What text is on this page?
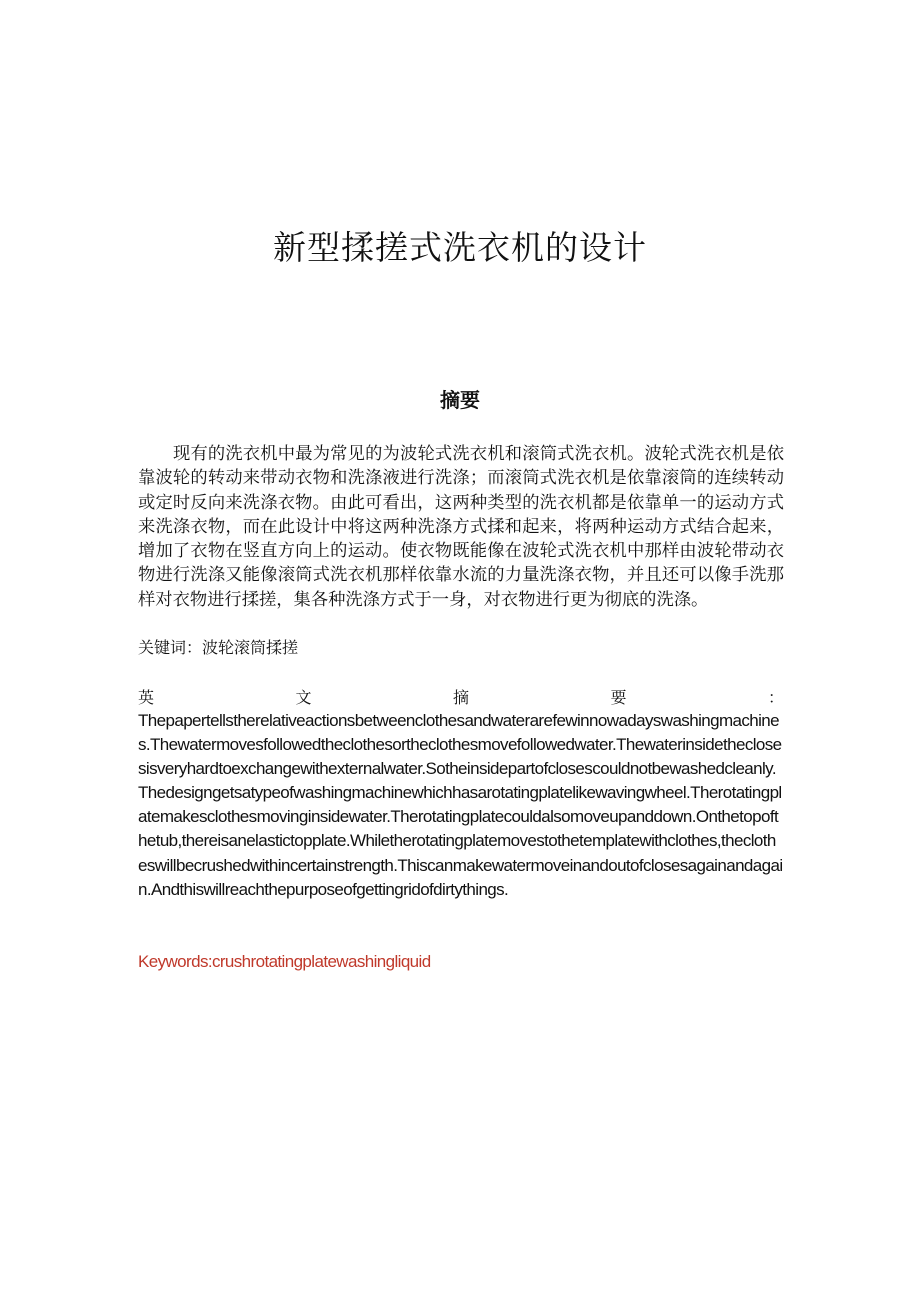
新型揉搓式洗衣机的设计
摘要

现有的洗衣机中最为常见的为波轮式洗衣机和滚筒式洗衣机。波轮式洗衣机是依靠波轮的转动来带动衣物和洗涤液进行洗涤；而滚筒式洗衣机是依靠滚筒的连续转动或定时反向来洗涤衣物。由此可看出，这两种类型的洗衣机都是依靠单一的运动方式来洗涤衣物，而在此设计中将这两种洗涤方式揉和起来，将两种运动方式结合起来，增加了衣物在竖直方向上的运动。使衣物既能像在波轮式洗衣机中那样由波轮带动衣物进行洗涤又能像滚筒式洗衣机那样依靠水流的力量洗涤衣物，并且还可以像手洗那样对衣物进行揉搓，集各种洗涤方式于一身，对衣物进行更为彻底的洗涤。

关键词：波轮滚筒揉搓

英	文	摘	要	：

Thepapertellstherelativeactionsbetweenclothesandwaterarefewinnowadayswashingmachines.Thewatermovesfollowedtheclothesortheclothesmovefollowedwater.Thewaterinsidetheclosesisveryhardtoexchangewithexternalwater.Sotheinsidepartofclosescouldnotbewashedcleanly.Thedesigngetsatypeofwashingmachinewhichhasarotatingplatelikewavingwheel.Therotatingplatemakesclothesmovinginsidewater.Therotatingplatecouldalsomoveupanddown.Onthetopofthetub,thereisanelastictopplate.Whiletherotatingplatemovestothetemplatewithclothes,theclotheswillbecrushedwithincertainstrength.Thiscanmakewatermoveinandoutofclosesagainandagain.Andthiswillreachthepurposeofgettingridofdirtythings.

Keywords:crushrotatingplatewashingliquid
